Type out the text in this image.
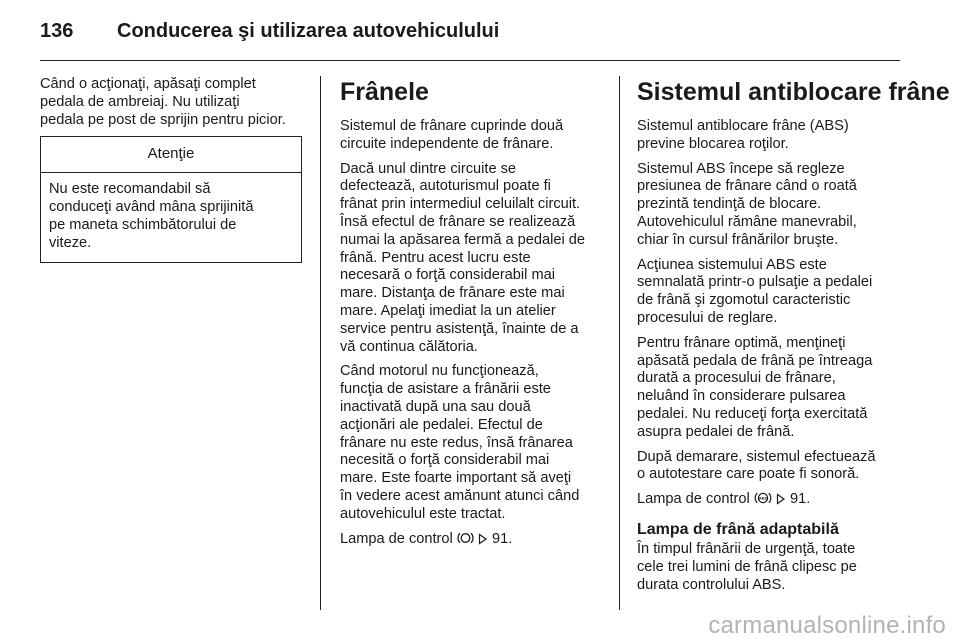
136 Conducerea şi utilizarea autovehiculului

Când o acţionaţi, apăsaţi complet
pedala de ambreiaj. Nu utilizaţi
pedala pe post de sprijin pentru picior.

Atenţie
Nu este recomandabil să
conduceţi având mâna sprijinită
pe maneta schimbătorului de
viteze.
Frânele

Sistemul de frânare cuprinde două
circuite independente de frânare.

Dacă unul dintre circuite se
defectează, autoturismul poate fi
frânat prin intermediul celuilalt circuit.
Însă efectul de frânare se realizează
numai la apăsarea fermă a pedalei de
frână. Pentru acest lucru este
necesară o forţă considerabil mai
mare. Distanţa de frânare este mai
mare. Apelaţi imediat la un atelier
service pentru asistenţă, înainte de a
vă continua călătoria.

Când motorul nu funcţionează,
funcţia de asistare a frânării este
inactivată după una sau două
acţionări ale pedalei. Efectul de
frânare nu este redus, însă frânarea
necesită o forţă considerabil mai
mare. Este foarte important să aveţi
în vedere acest amănunt atunci când
autovehiculul este tractat.

Lampa de control	91.

Sistemul antiblocare frâne

Sistemul antiblocare frâne (ABS)
previne blocarea roţilor.

Sistemul ABS începe să regleze
presiunea de frânare când o roată
prezintă tendinţă de blocare.
Autovehiculul rămâne manevrabil,
chiar în cursul frânărilor bruşte.

Acţiunea sistemului ABS este
semnalată printr-o pulsaţie a pedalei
de frână şi zgomotul caracteristic
procesului de reglare.

Pentru frânare optimă, menţineţi
apăsată pedala de frână pe întreaga
durată a procesului de frânare,
neluând în considerare pulsarea
pedalei. Nu reduceţi forţa exercitată
asupra pedalei de frână.

După demarare, sistemul efectuează
o autotestare care poate fi sonoră.

Lampa de control ABS 91.

Lampa de frână adaptabilă

În timpul frânării de urgenţă, toate
cele trei lumini de frână clipesc pe
durata controlului ABS.

carmanualsonline.info
